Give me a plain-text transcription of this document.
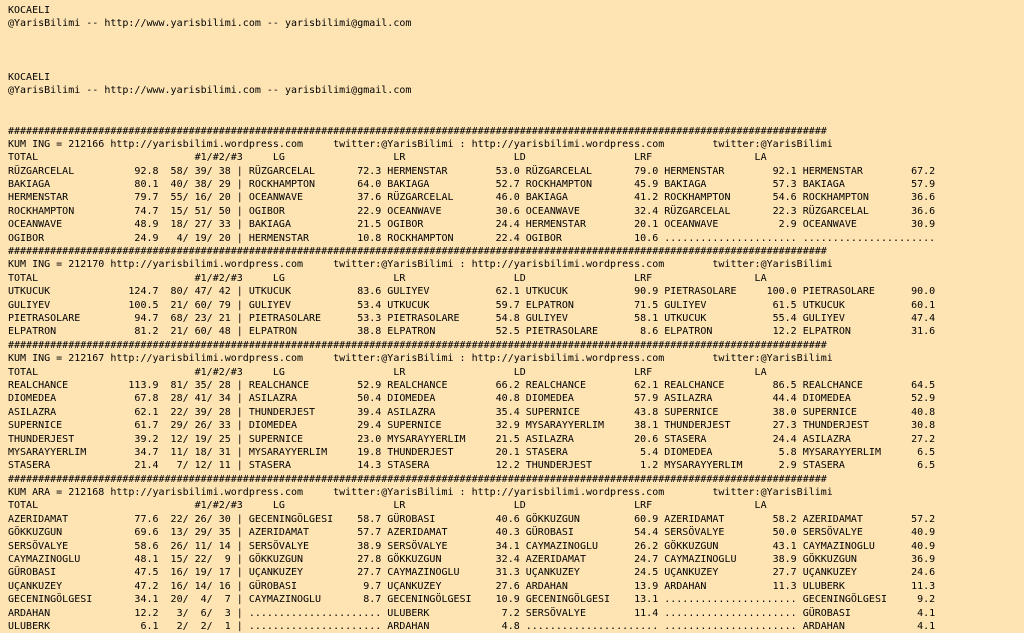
KOCAELI
@YarisBilimi -- http://www.yarisbilimi.com -- yarisbilimi@gmail.com
KOCAELI
@YarisBilimi -- http://www.yarisbilimi.com -- yarisbilimi@gmail.com
########################################################################################################################################
KUM ING = 212166 http://yarisbilimi.wordpress.com     twitter:@YarisBilimi : http://yarisbilimi.wordpress.com        twitter:@YarisBilimi
TOTAL                          #1/#2/#3     LG                  LR                  LD                  LRF                 LA
RÜZGARCELAL          92.8  58/ 39/ 38 | RÜZGARCELAL       72.3 HERMENSTAR        53.0 RÜZGARCELAL       79.0 HERMENSTAR        92.1 HERMENSTAR        67.2
BAKIAGA              80.1  40/ 38/ 29 | ROCKHAMPTON       64.0 BAKIAGA           52.7 ROCKHAMPTON       45.9 BAKIAGA           57.3 BAKIAGA           57.9
HERMENSTAR           79.7  55/ 16/ 20 | OCEANWAVE         37.6 RÜZGARCELAL       46.0 BAKIAGA           41.2 ROCKHAMPTON       54.6 ROCKHAMPTON       36.6
ROCKHAMPTON          74.7  15/ 51/ 50 | OGIBOR            22.9 OCEANWAVE         30.6 OCEANWAVE         32.4 RÜZGARCELAL       22.3 RÜZGARCELAL       36.6
OCEANWAVE            48.9  18/ 27/ 33 | BAKIAGA           21.5 OGIBOR            24.4 HERMENSTAR        20.1 OCEANWAVE          2.9 OCEANWAVE         30.9
OGIBOR               24.9   4/ 19/ 20 | HERMENSTAR        10.8 ROCKHAMPTON       22.4 OGIBOR            10.6 ...................... ......................
########################################################################################################################################
KUM ING = 212170 http://yarisbilimi.wordpress.com     twitter:@YarisBilimi : http://yarisbilimi.wordpress.com        twitter:@YarisBilimi
TOTAL                          #1/#2/#3     LG                  LR                  LD                  LRF                 LA
UTKUCUK             124.7  80/ 47/ 42 | UTKUCUK           83.6 GULIYEV           62.1 UTKUCUK           90.9 PIETRASOLARE     100.0 PIETRASOLARE      90.0
GULIYEV             100.5  21/ 60/ 79 | GULIYEV           53.4 UTKUCUK           59.7 ELPATRON          71.5 GULIYEV           61.5 UTKUCUK           60.1
PIETRASOLARE         94.7  68/ 23/ 21 | PIETRASOLARE      53.3 PIETRASOLARE      54.8 GULIYEV           58.1 UTKUCUK           55.4 GULIYEV           47.4
ELPATRON             81.2  21/ 60/ 48 | ELPATRON          38.8 ELPATRON          52.5 PIETRASOLARE       8.6 ELPATRON          12.2 ELPATRON          31.6
########################################################################################################################################
KUM ING = 212167 http://yarisbilimi.wordpress.com     twitter:@YarisBilimi : http://yarisbilimi.wordpress.com        twitter:@YarisBilimi
TOTAL                          #1/#2/#3     LG                  LR                  LD                  LRF                 LA
REALCHANCE          113.9  81/ 35/ 28 | REALCHANCE        52.9 REALCHANCE        66.2 REALCHANCE        62.1 REALCHANCE        86.5 REALCHANCE        64.5
DIOMEDEA             67.8  28/ 41/ 34 | ASILAZRA          50.4 DIOMEDEA          40.8 DIOMEDEA          57.9 ASILAZRA          44.4 DIOMEDEA          52.9
ASILAZRA             62.1  22/ 39/ 28 | THUNDERJEST       39.4 ASILAZRA          35.4 SUPERNICE         43.8 SUPERNICE         38.0 SUPERNICE         40.8
SUPERNICE            61.7  29/ 26/ 33 | DIOMEDEA          29.4 SUPERNICE         32.9 MYSARAYYERLIM     38.1 THUNDERJEST       27.3 THUNDERJEST       30.8
THUNDERJEST          39.2  12/ 19/ 25 | SUPERNICE         23.0 MYSARAYYERLIM     21.5 ASILAZRA          20.6 STASERA           24.4 ASILAZRA          27.2
MYSARAYYERLIM        34.7  11/ 18/ 31 | MYSARAYYERLIM     19.8 THUNDERJEST       20.1 STASERA            5.4 DIOMEDEA           5.8 MYSARAYYERLIM      6.5
STASERA              21.4   7/ 12/ 11 | STASERA           14.3 STASERA           12.2 THUNDERJEST        1.2 MYSARAYYERLIM      2.9 STASERA            6.5
########################################################################################################################################
KUM ARA = 212168 http://yarisbilimi.wordpress.com     twitter:@YarisBilimi : http://yarisbilimi.wordpress.com        twitter:@YarisBilimi
TOTAL                          #1/#2/#3     LG                  LR                  LD                  LRF                 LA
AZERIDAMAT           77.6  22/ 26/ 30 | GECENINGÖLGESI    58.7 GÜROBASI          40.6 GÖKKUZGUN         60.9 AZERIDAMAT        58.2 AZERIDAMAT        57.2
GÖKKUZGUN            69.6  13/ 29/ 35 | AZERIDAMAT        57.7 AZERIDAMAT        40.3 GÜROBASI          54.4 SERSÖVALYE        50.0 SERSÖVALYE        40.9
SERSÖVALYE           58.6  26/ 11/ 14 | SERSÖVALYE        38.9 SERSÖVALYE        34.1 CAYMAZINOGLU      26.2 GÖKKUZGUN         43.1 CAYMAZINOGLU      40.9
CAYMAZINOGLU         48.1  15/ 22/  9 | GÖKKUZGUN         27.8 GÖKKUZGUN         32.4 AZERIDAMAT        24.7 CAYMAZINOGLU      38.9 GÖKKUZGUN         36.9
GÜROBASI             47.5  16/ 19/ 17 | UÇANKUZEY         27.7 CAYMAZINOGLU      31.3 UÇANKUZEY         24.5 UÇANKUZEY         27.7 UÇANKUZEY         24.6
UÇANKUZEY            47.2  16/ 14/ 16 | GÜROBASI           9.7 UÇANKUZEY         27.6 ARDAHAN           13.9 ARDAHAN           11.3 ULUBERK           11.3
GECENINGÖLGESI       34.1  20/  4/  7 | CAYMAZINOGLU       8.7 GECENINGÖLGESI    10.9 GECENINGÖLGESI    13.1 ...................... GECENINGÖLGESI     9.2
ARDAHAN              12.2   3/  6/  3 | ...................... ULUBERK            7.2 SERSÖVALYE        11.4 ...................... GÜROBASI           4.1
ULUBERK               6.1   2/  2/  1 | ...................... ARDAHAN            4.8 ...................... ...................... ARDAHAN            4.1
